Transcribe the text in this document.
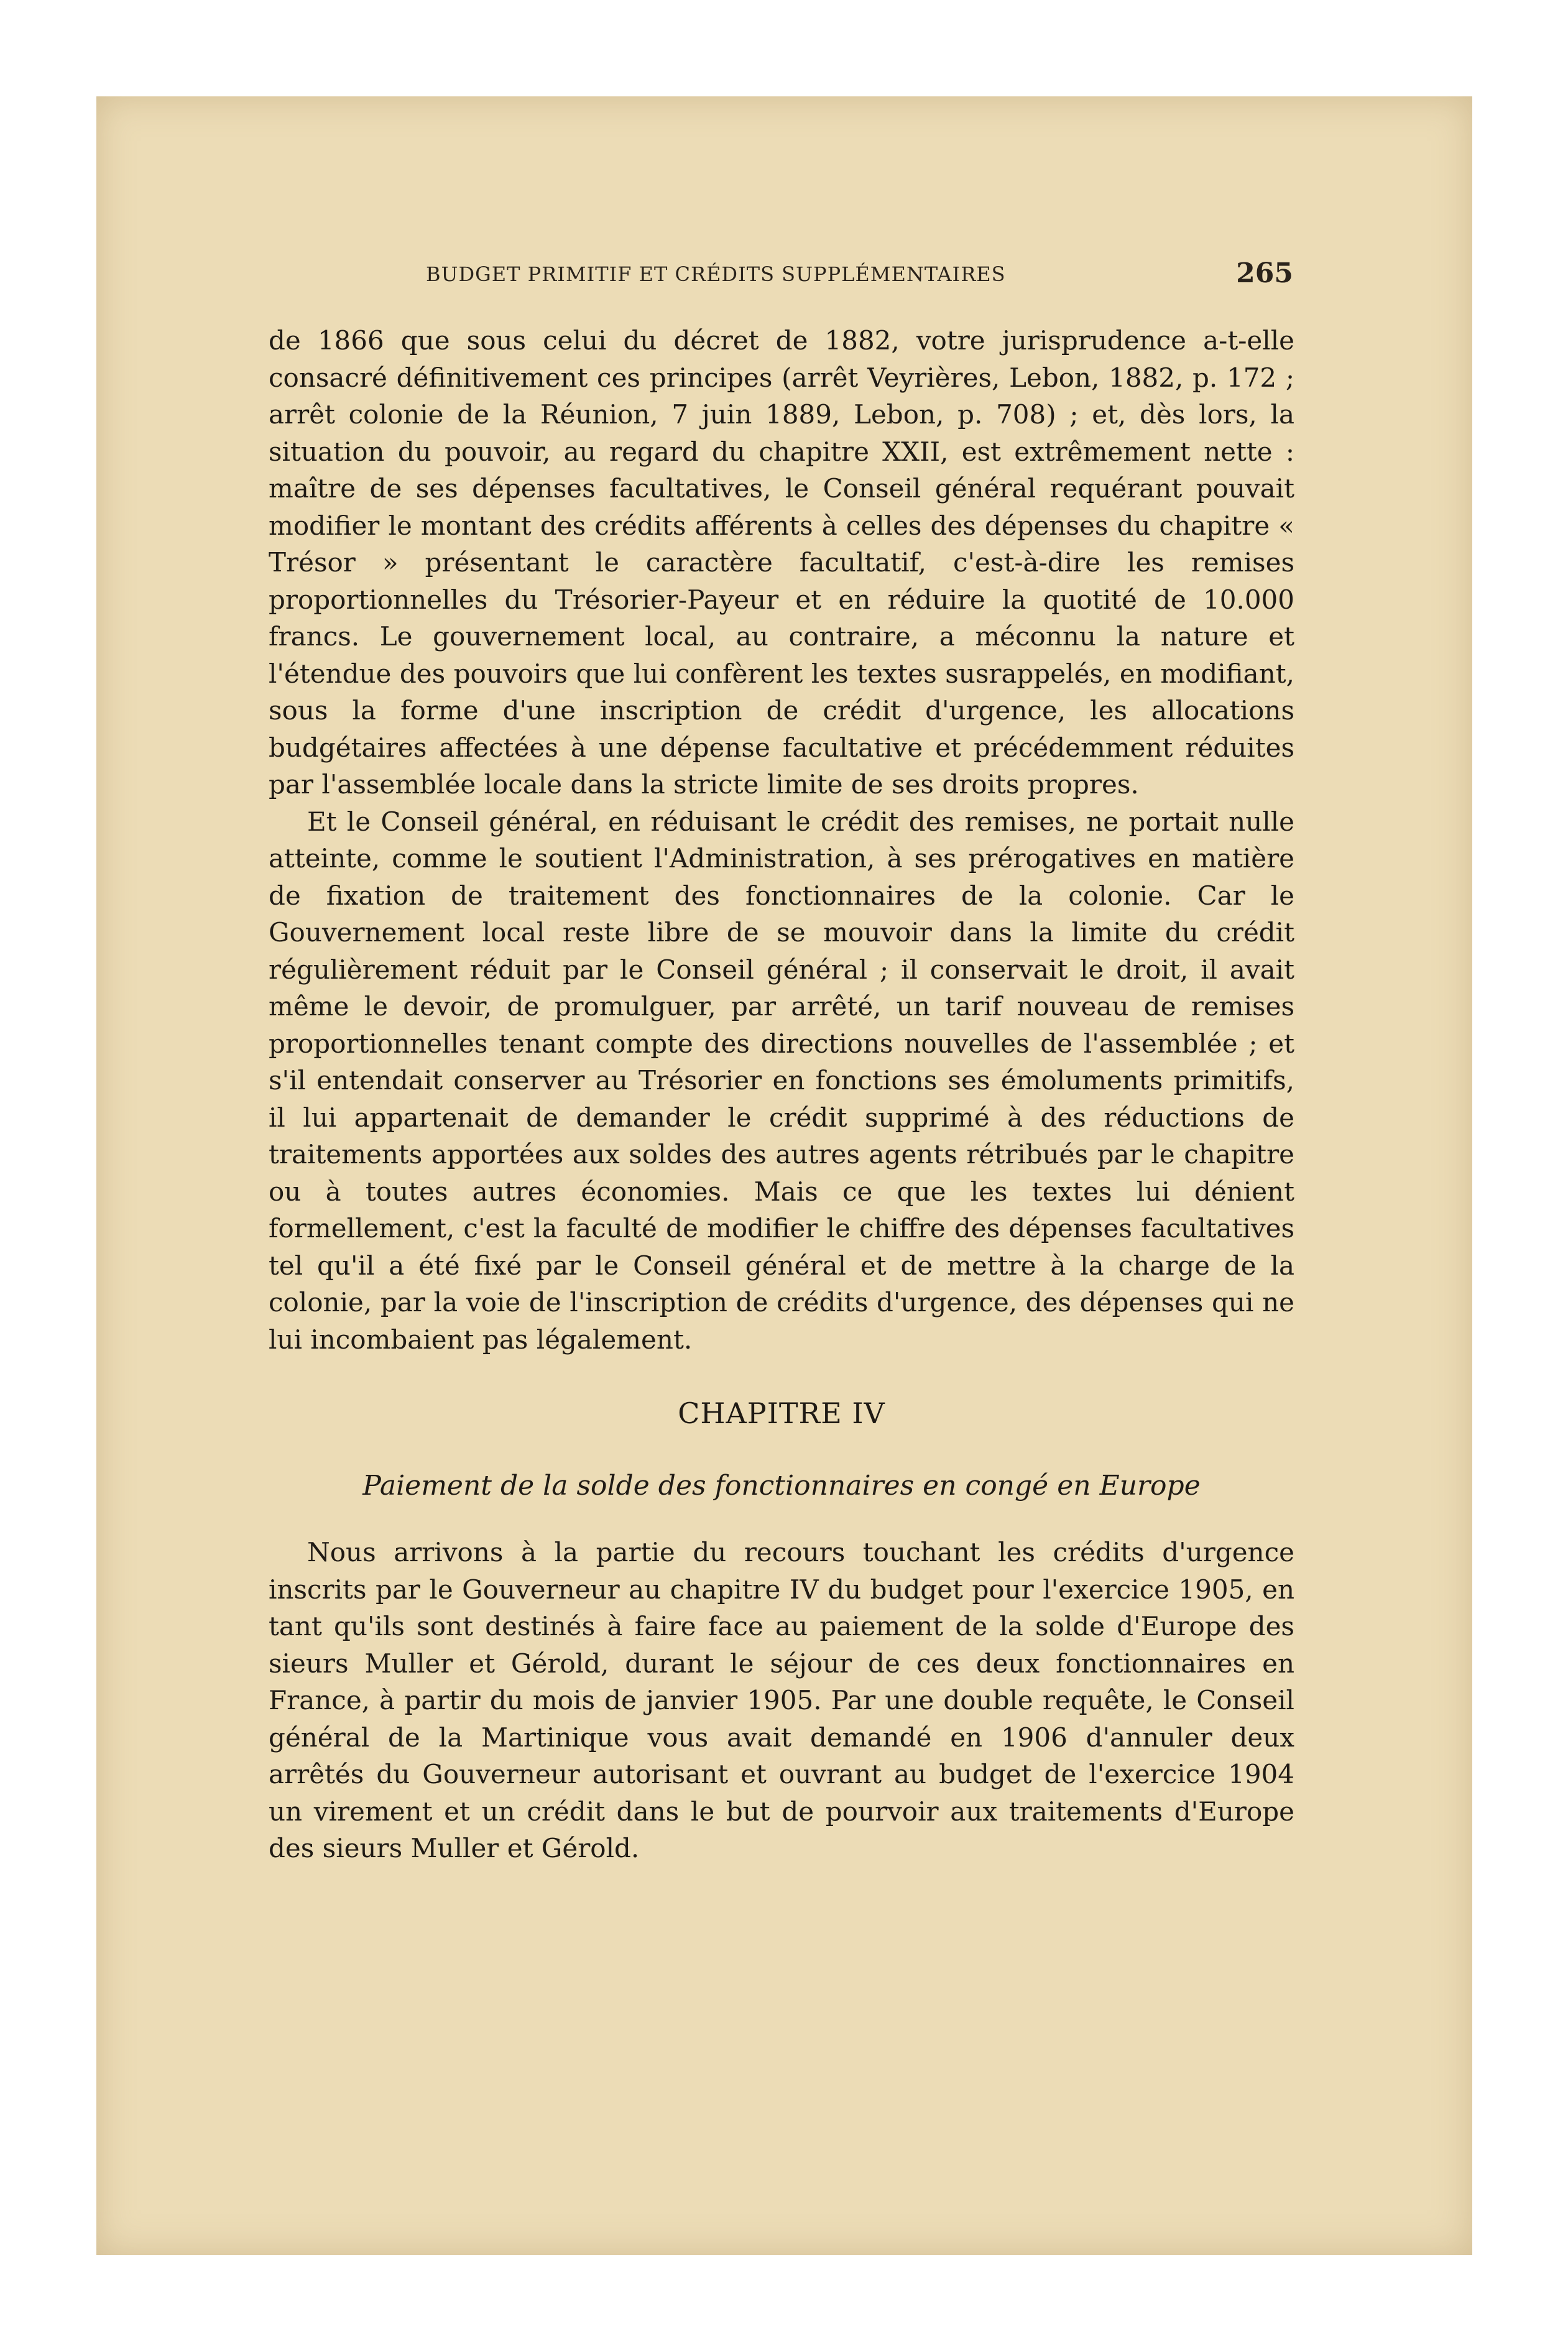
BUDGET PRIMITIF ET CRÉDITS SUPPLÉMENTAIRES	265

de 1866 que sous celui du décret de 1882, votre jurisprudence a-t-elle consacré définitivement ces principes (arrêt Veyrières, Lebon, 1882, p. 172 ; arrêt colonie de la Réunion, 7 juin 1889, Lebon, p. 708) ; et, dès lors, la situation du pouvoir, au regard du chapitre XXII, est extrêmement nette : maître de ses dépenses facultatives, le Conseil général requérant pouvait modifier le montant des crédits afférents à celles des dépenses du chapitre « Trésor » présentant le caractère facultatif, c'est-à-dire les remises proportionnelles du Trésorier-Payeur et en réduire la quotité de 10.000 francs. Le gouvernement local, au contraire, a méconnu la nature et l'étendue des pouvoirs que lui confèrent les textes susrappelés, en modifiant, sous la forme d'une inscription de crédit d'urgence, les allocations budgétaires affectées à une dépense facultative et précédemment réduites par l'assemblée locale dans la stricte limite de ses droits propres.

Et le Conseil général, en réduisant le crédit des remises, ne portait nulle atteinte, comme le soutient l'Administration, à ses prérogatives en matière de fixation de traitement des fonctionnaires de la colonie. Car le Gouvernement local reste libre de se mouvoir dans la limite du crédit régulièrement réduit par le Conseil général ; il conservait le droit, il avait même le devoir, de promulguer, par arrêté, un tarif nouveau de remises proportionnelles tenant compte des directions nouvelles de l'assemblée ; et s'il entendait conserver au Trésorier en fonctions ses émoluments primitifs, il lui appartenait de demander le crédit supprimé à des réductions de traitements apportées aux soldes des autres agents rétribués par le chapitre ou à toutes autres économies. Mais ce que les textes lui dénient formellement, c'est la faculté de modifier le chiffre des dépenses facultatives tel qu'il a été fixé par le Conseil général et de mettre à la charge de la colonie, par la voie de l'inscription de crédits d'urgence, des dépenses qui ne lui incombaient pas légalement.

CHAPITRE IV

Paiement de la solde des fonctionnaires en congé en Europe

Nous arrivons à la partie du recours touchant les crédits d'urgence inscrits par le Gouverneur au chapitre IV du budget pour l'exercice 1905, en tant qu'ils sont destinés à faire face au paiement de la solde d'Europe des sieurs Muller et Gérold, durant le séjour de ces deux fonctionnaires en France, à partir du mois de janvier 1905. Par une double requête, le Conseil général de la Martinique vous avait demandé en 1906 d'annuler deux arrêtés du Gouverneur autorisant et ouvrant au budget de l'exercice 1904 un virement et un crédit dans le but de pourvoir aux traitements d'Europe des sieurs Muller et Gérold.
